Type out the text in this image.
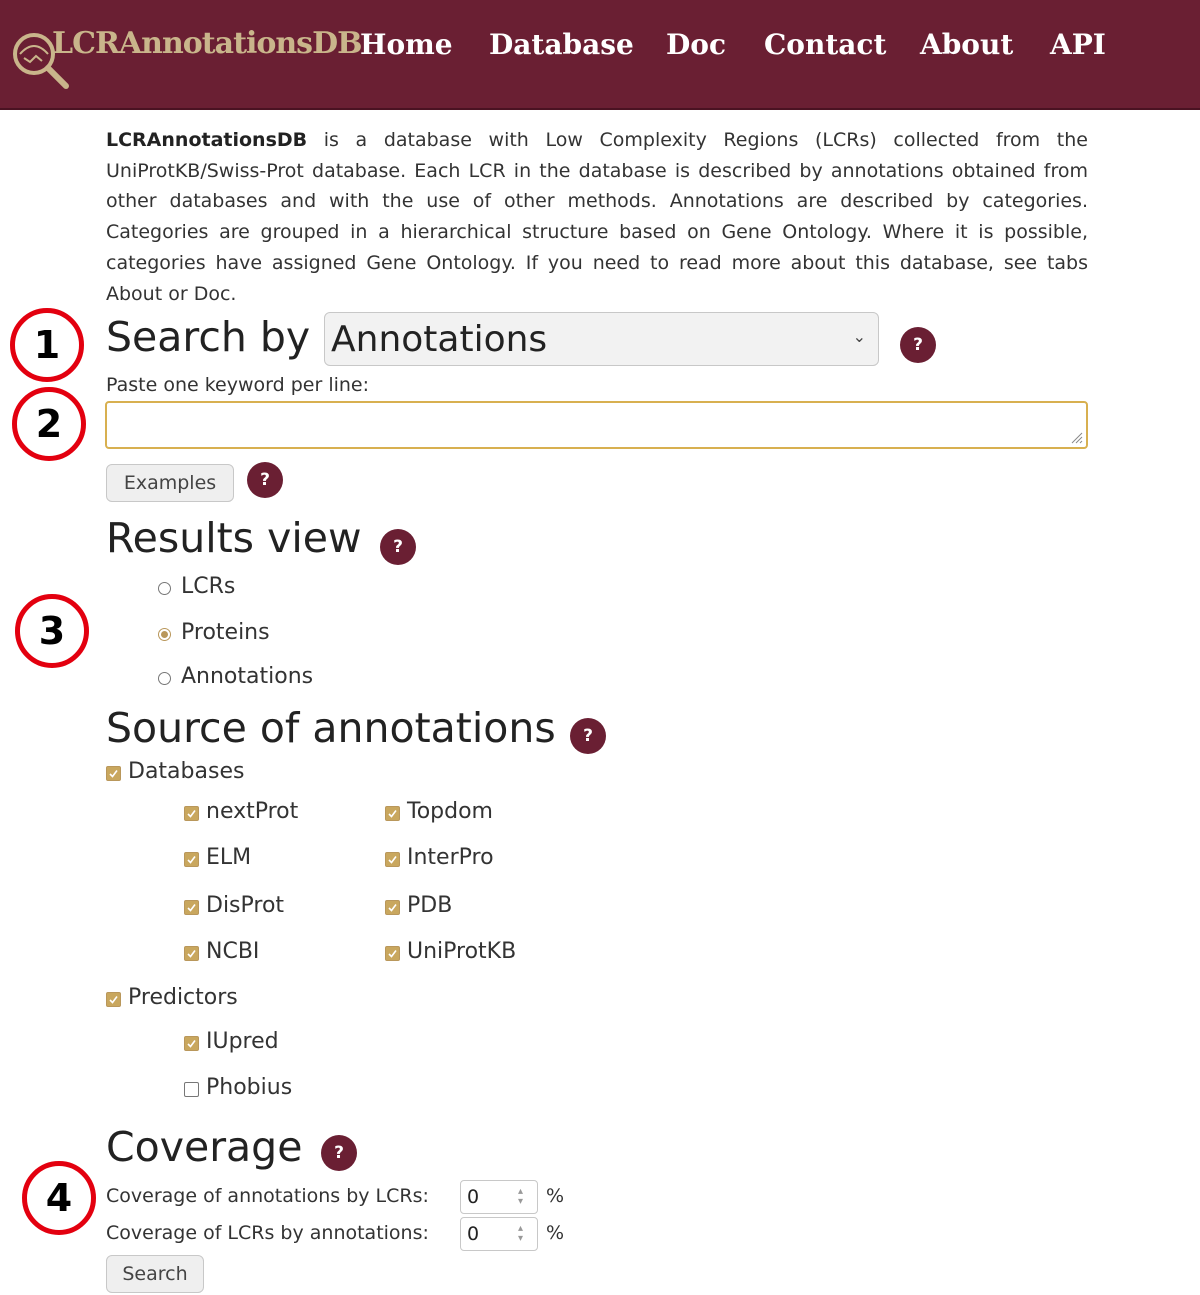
LCRAnnotationsDB
Home Database Doc Contact About API
LCRAnnotationsDB is a database with Low Complexity Regions (LCRs) collected from the UniProtKB/Swiss-Prot database. Each LCR in the database is described by annotations obtained from other databases and with the use of other methods. Annotations are described by categories. Categories are grouped in a hierarchical structure based on Gene Ontology. Where it is possible, categories have assigned Gene Ontology. If you need to read more about this database, see tabs About or Doc.
1
2
3
4
Search by Annotations	⌄	?
Paste one keyword per line:
Examples	?
Results view	?
LCRs
Proteins
Annotations
Source of annotations	?
Databases
nextProt	Topdom
ELM	InterPro
DisProt	PDB
NCBI	UniProtKB
Predictors
IUpred
Phobius
Coverage	?
Coverage of annotations by LCRs: 0	▴
▾ %
Coverage of LCRs by annotations: 0	▴
▾ %
Search
